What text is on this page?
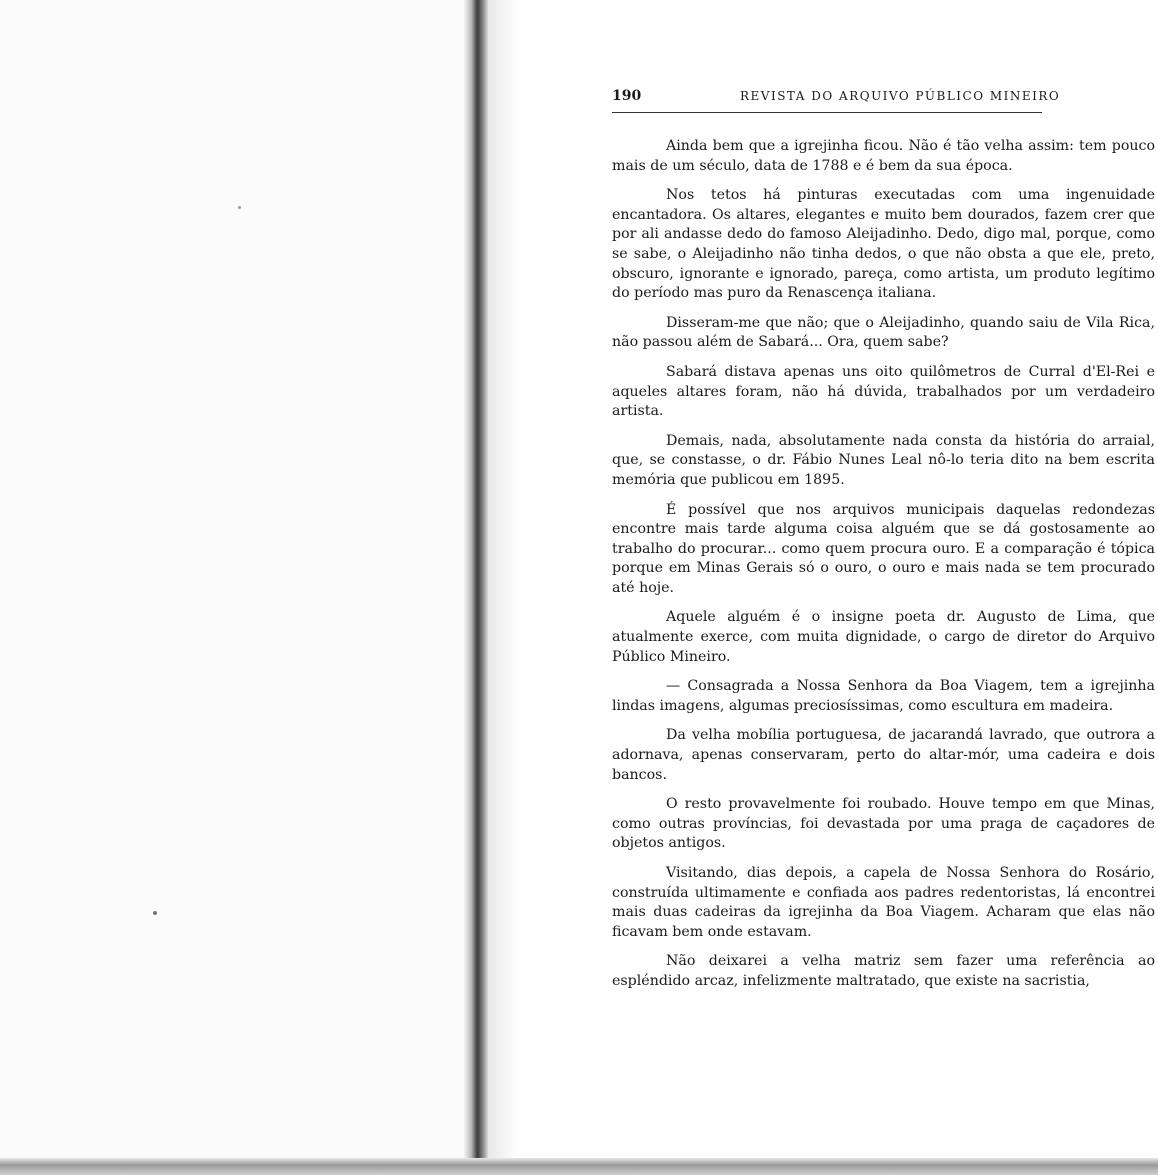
190	REVISTA DO ARQUIVO PÚBLICO MINEIRO

Ainda bem que a igrejinha ficou. Não é tão velha assim: tem pouco mais de um século, data de 1788 e é bem da sua época.

Nos tetos há pinturas executadas com uma ingenuidade encantadora. Os altares, elegantes e muito bem dourados, fazem crer que por ali andasse dedo do famoso Aleijadinho. Dedo, digo mal, porque, como se sabe, o Aleijadinho não tinha dedos, o que não obsta a que ele, preto, obscuro, ignorante e ignorado, pareça, como artista, um produto legítimo do período mas puro da Renascença italiana.

Disseram-me que não; que o Aleijadinho, quando saiu de Vila Rica, não passou além de Sabará... Ora, quem sabe?

Sabará distava apenas uns oito quilômetros de Curral d'El-Rei e aqueles altares foram, não há dúvida, trabalhados por um verdadeiro artista.

Demais, nada, absolutamente nada consta da história do arraial, que, se constasse, o dr. Fábio Nunes Leal nô-lo teria dito na bem escrita memória que publicou em 1895.

É possível que nos arquivos municipais daquelas redondezas encontre mais tarde alguma coisa alguém que se dá gostosamente ao trabalho do procurar... como quem procura ouro. E a comparação é tópica porque em Minas Gerais só o ouro, o ouro e mais nada se tem procurado até hoje.

Aquele alguém é o insigne poeta dr. Augusto de Lima, que atualmente exerce, com muita dignidade, o cargo de diretor do Arquivo Público Mineiro.

— Consagrada a Nossa Senhora da Boa Viagem, tem a igrejinha lindas imagens, algumas preciosíssimas, como escultura em madeira.

Da velha mobília portuguesa, de jacarandá lavrado, que outrora a adornava, apenas conservaram, perto do altar-mór, uma cadeira e dois bancos.

O resto provavelmente foi roubado. Houve tempo em que Minas, como outras províncias, foi devastada por uma praga de caçadores de objetos antigos.

Visitando, dias depois, a capela de Nossa Senhora do Rosário, construída ultimamente e confiada aos padres redentoristas, lá encontrei mais duas cadeiras da igrejinha da Boa Viagem. Acharam que elas não ficavam bem onde estavam.

Não deixarei a velha matriz sem fazer uma referência ao espléndido arcaz, infelizmente maltratado, que existe na sacristia,
